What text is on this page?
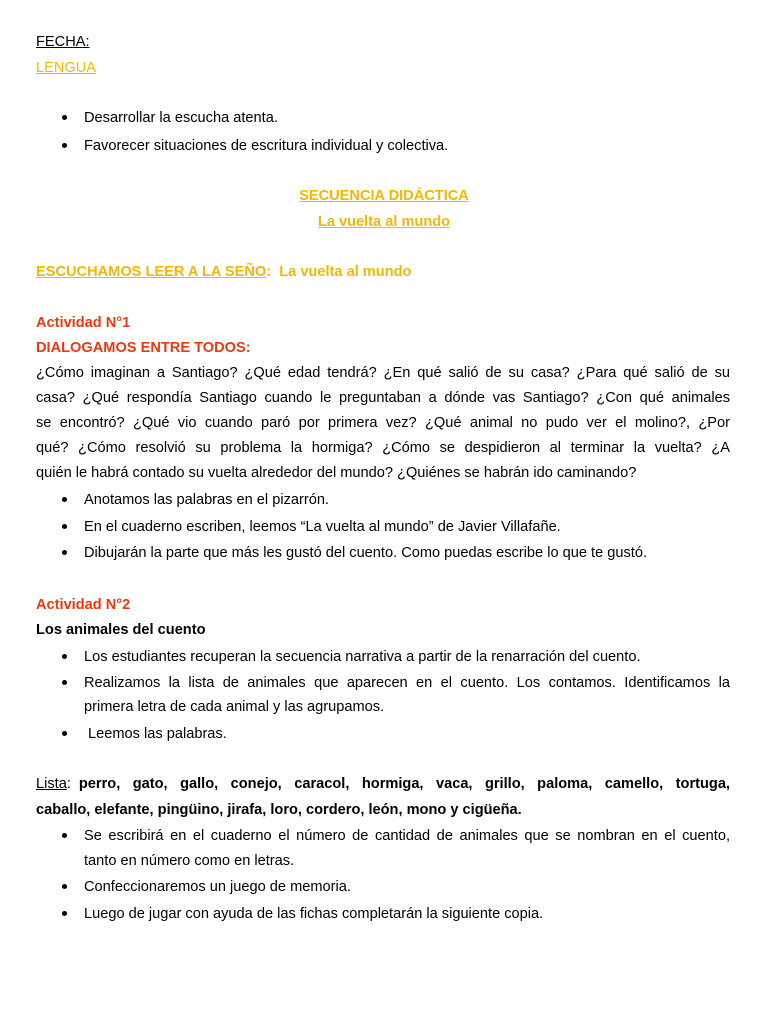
FECHA:

LENGUA

Desarrollar la escucha atenta.

Favorecer situaciones de escritura individual y colectiva.

SECUENCIA DIDÁCTICA

La vuelta al mundo

ESCUCHAMOS LEER A LA SEÑO: La vuelta al mundo

Actividad N°1

DIALOGAMOS ENTRE TODOS:

¿Cómo imaginan a Santiago? ¿Qué edad tendrá? ¿En qué salió de su casa? ¿Para qué salió de su

casa? ¿Qué respondía Santiago cuando le preguntaban a dónde vas Santiago? ¿Con qué animales

se encontró? ¿Qué vio cuando paró por primera vez? ¿Qué animal no pudo ver el molino?, ¿Por

qué? ¿Cómo resolvió su problema la hormiga? ¿Cómo se despidieron al terminar la vuelta? ¿A

quién le habrá contado su vuelta alrededor del mundo? ¿Quiénes se habrán ido caminando?

Anotamos las palabras en el pizarrón.

En el cuaderno escriben, leemos “La vuelta al mundo” de Javier Villafañe.

Dibujarán la parte que más les gustó del cuento. Como puedas escribe lo que te gustó.

Actividad N°2

Los animales del cuento

Los estudiantes recuperan la secuencia narrativa a partir de la renarración del cuento.

Realizamos la lista de animales que aparecen en el cuento. Los contamos. Identificamos la

primera letra de cada animal y las agrupamos.

Leemos las palabras.

Lista : perro, gato, gallo, conejo, caracol, hormiga, vaca, grillo, paloma, camello, tortuga,

caballo, elefante, pingüino, jirafa, loro, cordero, león, mono y cigüeña.

Se escribirá en el cuaderno el número de cantidad de animales que se nombran en el cuento,

tanto en número como en letras.

Confeccionaremos un juego de memoria.

Luego de jugar con ayuda de las fichas completarán la siguiente copia.
